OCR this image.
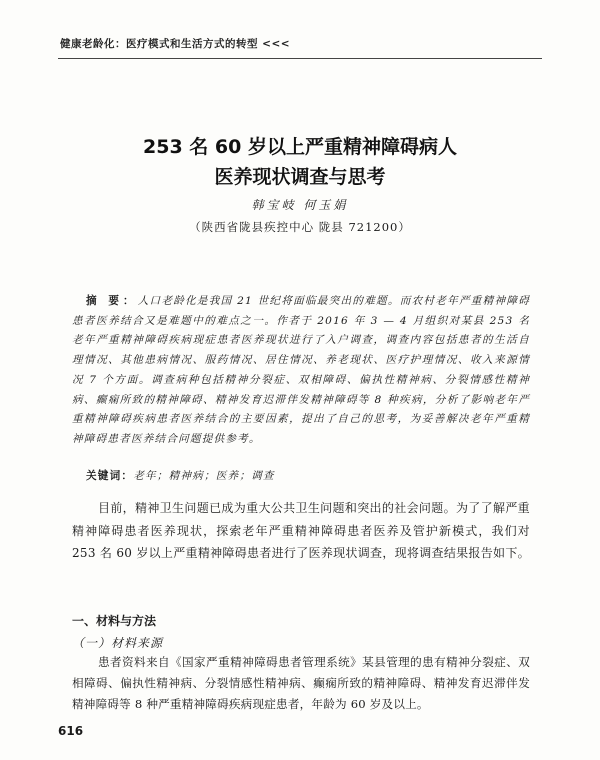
健康老龄化：医疗模式和生活方式的转型 <<<
253 名 60 岁以上严重精神障碍病人
医养现状调查与思考
韩宝岐 何玉娟
（陕西省陇县疾控中心 陇县 721200）
摘 要：人口老龄化是我国 21 世纪将面临最突出的难题。而农村老年严重精神障碍患者医养结合又是难题中的难点之一。作者于 2016 年 3 — 4 月组织对某县 253 名老年严重精神障碍疾病现症患者医养现状进行了入户调查，调查内容包括患者的生活自理情况、其他患病情况、服药情况、居住情况、养老现状、医疗护理情况、收入来源情况 7 个方面。调查病种包括精神分裂症、双相障碍、偏执性精神病、分裂情感性精神病、癫痫所致的精神障碍、精神发育迟滞伴发精神障碍等 8 种疾病，分析了影响老年严重精神障碍疾病患者医养结合的主要因素，提出了自己的思考，为妥善解决老年严重精神障碍患者医养结合问题提供参考。
关键词：老年；精神病；医养；调查
目前，精神卫生问题已成为重大公共卫生问题和突出的社会问题。为了了解严重精神障碍患者医养现状，探索老年严重精神障碍患者医养及管护新模式，我们对 253 名 60 岁以上严重精神障碍患者进行了医养现状调查，现将调查结果报告如下。
一、材料与方法
（一）材料来源
患者资料来自《国家严重精神障碍患者管理系统》某县管理的患有精神分裂症、双相障碍、偏执性精神病、分裂情感性精神病、癫痫所致的精神障碍、精神发育迟滞伴发精神障碍等 8 种严重精神障碍疾病现症患者，年龄为 60 岁及以上。
616
